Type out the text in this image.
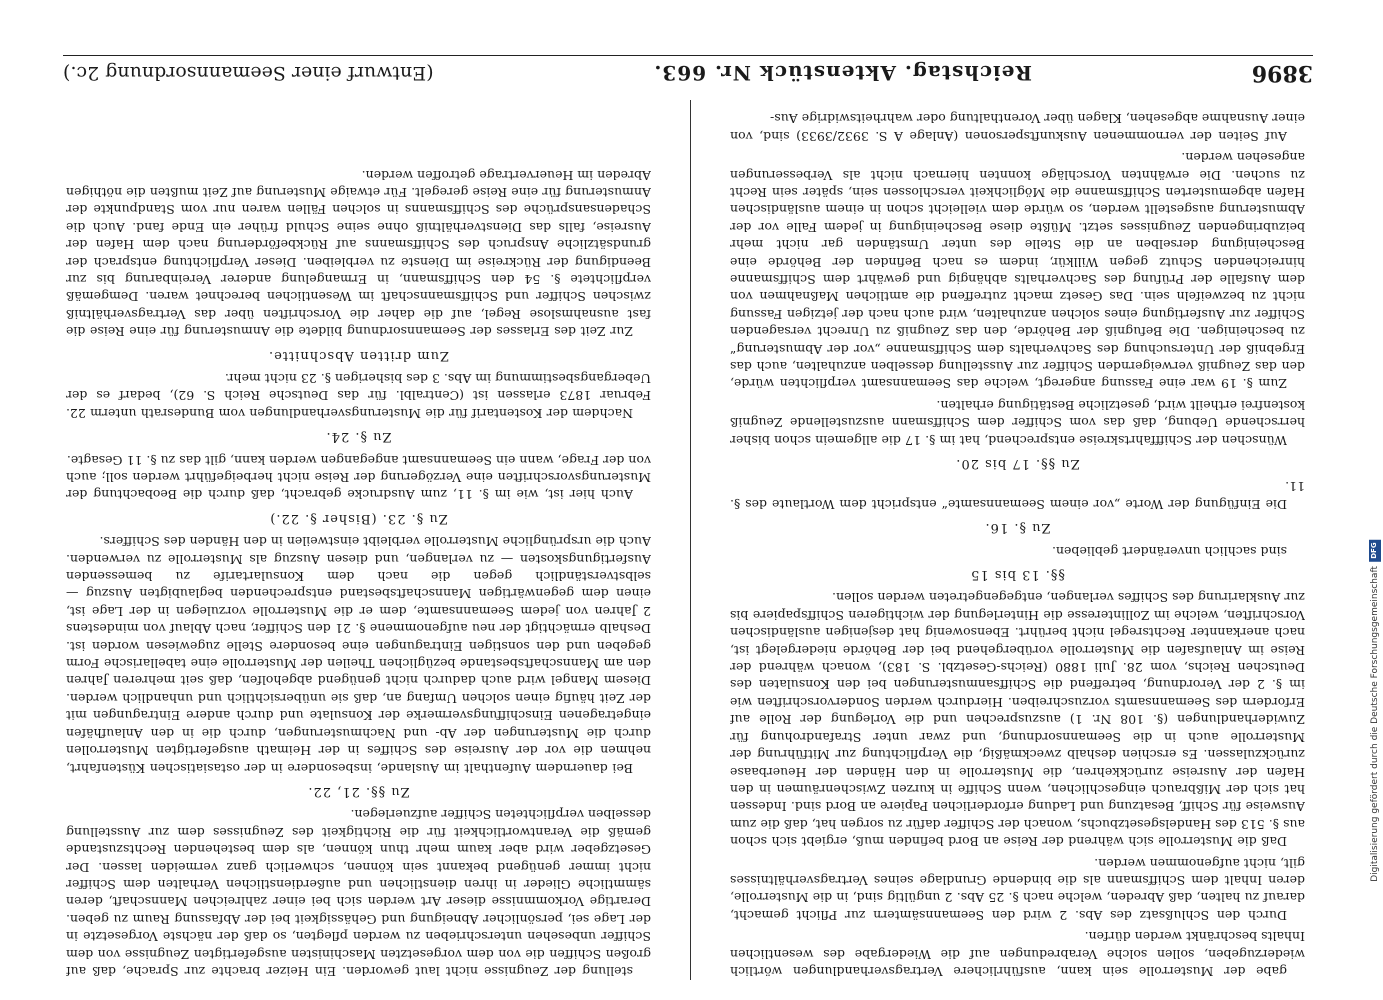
3896
Reichstag. Aktenstück Nr. 663.
(Entwurf einer Seemannsordnung 2c.)

stellung der Zeugnisse nicht laut geworden. Ein Heizer brachte zur Sprache, daß auf großen Schiffen die von dem vorgesetzten Maschinisten ausgefertigten Zeugnisse von dem Schiffer unbesehen unterschrieben zu werden pflegten, so daß der nächste Vorgesetzte in der Lage sei, persönlicher Abneigung und Gehässigkeit bei der Abfassung Raum zu geben. Derartige Vorkommnisse dieser Art werden sich bei einer zahlreichen Mannschaft, deren sämmtliche Glieder in ihren dienstlichen und außerdienstlichen Verhalten dem Schiffer nicht immer genügend bekannt sein können, schwerlich ganz vermeiden lassen. Der Gesetzgeber wird aber kaum mehr thun können, als dem bestehenden Rechtszustande gemäß die Verantwortlichkeit für die Richtigkeit des Zeugnisses dem zur Ausstellung desselben verpflichteten Schiffer aufzuerlegen.

Zu §§. 21, 22.

Bei dauerndem Aufenthalt im Auslande, insbesondere in der ostasiatischen Küstenfahrt, nehmen die vor der Ausreise des Schiffes in der Heimath ausgefertigten Musterrollen durch die Musterungen der Ab- und Nachmusterungen, durch die in den Anlaufhäfen eingetragenen Einschiffungsvermerke der Konsulate und durch andere Eintragungen mit der Zeit häufig einen solchen Umfang an, daß sie unübersichtlich und unhandlich werden. Diesem Mangel wird auch dadurch nicht genügend abgeholfen, daß seit mehreren Jahren den am Mannschaftsbestande bezüglichen Theilen der Musterrolle eine tabellarische Form gegeben und den sonstigen Eintragungen eine besondere Stelle zugewiesen worden ist. Deshalb ermächtigt der neu aufgenommene §. 21 den Schiffer, nach Ablauf von mindestens 2 Jahren von jedem Seemannsamte, dem er die Musterrolle vorzulegen in der Lage ist, einen dem gegenwärtigen Mannschaftsbestand entsprechenden beglaubigten Auszug — selbstverständlich gegen die nach dem Konsulartarife zu bemessenden Ausfertigungskosten — zu verlangen, und diesen Auszug als Musterrolle zu verwenden. Auch die ursprüngliche Musterrolle verbleibt einstweilen in den Händen des Schiffers.

Zu §. 23. (Bisher §. 22.)

Auch hier ist, wie im §. 11, zum Ausdrucke gebracht, daß durch die Beobachtung der Musterungsvorschriften eine Verzögerung der Reise nicht herbeigeführt werden soll; auch von der Frage, wann ein Seemannsamt angegangen werden kann, gilt das zu §. 11 Gesagte.

Zu §. 24.

Nachdem der Kostentarif für die Musterungsverhandlungen vom Bundesrath unterm 22. Februar 1873 erlassen ist (Centralbl. für das Deutsche Reich S. 62), bedarf es der Uebergangsbestimmung im Abs. 3 des bisherigen §. 23 nicht mehr.

Zum dritten Abschnitte.

Zur Zeit des Erlasses der Seemannsordnung bildete die Anmusterung für eine Reise die fast ausnahmslose Regel, auf die daher die Vorschriften über das Vertragsverhältniß zwischen Schiffer und Schiffsmannschaft im Wesentlichen berechnet waren. Demgemäß verpflichtete §. 54 den Schiffsmann, in Ermangelung anderer Vereinbarung bis zur Beendigung der Rückreise im Dienste zu verbleiben. Dieser Verpflichtung entsprach der grundsätzliche Anspruch des Schiffsmanns auf Rückbeförderung nach dem Hafen der Ausreise, falls das Dienstverhältniß ohne seine Schuld früher ein Ende fand. Auch die Schadensansprüche des Schiffsmanns in solchen Fällen waren nur vom Standpunkte der Anmusterung für eine Reise geregelt. Für etwaige Musterung auf Zeit mußten die nöthigen Abreden im Heuervertrage getroffen werden.

gabe der Musterrolle sein kann, ausführlichere Vertragsverhandlungen wörtlich wiederzugeben, sollen solche Verabredungen auf die Wiedergabe des wesentlichen Inhalts beschränkt werden dürfen.

Durch den Schlußsatz des Abs. 2 wird den Seemannsämtern zur Pflicht gemacht, darauf zu halten, daß Abreden, welche nach §. 25 Abs. 2 ungültig sind, in die Musterrolle, deren Inhalt dem Schiffsmann als die bindende Grundlage seines Vertragsverhältnisses gilt, nicht aufgenommen werden.

Daß die Musterrolle sich während der Reise an Bord befinden muß, ergiebt sich schon aus §. 513 des Handelsgesetzbuchs, wonach der Schiffer dafür zu sorgen hat, daß die zum Ausweise für Schiff, Besatzung und Ladung erforderlichen Papiere an Bord sind. Indessen hat sich der Mißbrauch eingeschlichen, wenn Schiffe in kurzen Zwischenräumen in den Hafen der Ausreise zurückkehren, die Musterrolle in den Händen der Heuerbaase zurückzulassen. Es erschien deshalb zweckmäßig, die Verpflichtung zur Mitführung der Musterrolle auch in die Seemannsordnung, und zwar unter Strafandrohung für Zuwiderhandlungen (§. 108 Nr. 1) auszusprechen und die Vorlegung der Rolle auf Erfordern des Seemannsamts vorzuschreiben. Hierdurch werden Sondervorschriften wie im §. 2 der Verordnung, betreffend die Schiffsanmusterungen bei den Konsulaten des Deutschen Reichs, vom 28. Juli 1880 (Reichs-Gesetzbl. S. 183), wonach während der Reise im Anlaufsafen die Musterrolle vorübergehend bei der Behörde niedergelegt ist, nach anerkannter Rechtsregel nicht berührt. Ebensowenig hat desjenigen ausländischen Vorschriften, welche im Zollinteresse die Hinterlegung der wichtigeren Schiffspapiere bis zur Ausklarirung des Schiffes verlangen, entgegengetreten werden sollen.

§§. 13 bis 15

sind sachlich unverändert geblieben.

Zu §. 16.

Die Einfügung der Worte „vor einem Seemannsamte“ entspricht dem Wortlaute des §. 11.

Zu §§. 17 bis 20.

Wünschen der Schifffahrtskreise entsprechend, hat im §. 17 die allgemein schon bisher herrschende Uebung, daß das vom Schiffer dem Schiffsmann auszustellende Zeugniß kostenfrei ertheilt wird, gesetzliche Bestätigung erhalten.

Zum §. 19 war eine Fassung angeregt, welche das Seemannsamt verpflichten würde, den das Zeugniß verweigernden Schiffer zur Ausstellung desselben anzuhalten, auch das Ergebniß der Untersuchung des Sachverhalts dem Schiffsmanne „vor der Abmusterung“ zu bescheinigen. Die Befugniß der Behörde, den das Zeugniß zu Unrecht versagenden Schiffer zur Ausfertigung eines solchen anzuhalten, wird auch nach der jetzigen Fassung nicht zu bezweifeln sein. Das Gesetz macht zutreffend die amtlichen Maßnahmen von dem Ausfalle der Prüfung des Sachverhalts abhängig und gewährt dem Schiffsmanne hinreichenden Schutz gegen Willkür, indem es nach Befinden der Behörde eine Bescheinigung derselben an die Stelle des unter Umständen gar nicht mehr beizubringenden Zeugnisses setzt. Müßte diese Bescheinigung in jedem Falle vor der Abmusterung ausgestellt werden, so würde dem vielleicht schon in einem ausländischen Hafen abgemusterten Schiffsmanne die Möglichkeit verschlossen sein, später sein Recht zu suchen. Die erwähnten Vorschläge konnten hiernach nicht als Verbesserungen angesehen werden.

Auf Seiten der vernommenen Auskunftspersonen (Anlage A S. 3932/3933) sind, von einer Ausnahme abgesehen, Klagen über Vorenthaltung oder wahrheitswidrige Aus-

Digitalisierung gefördert durch die Deutsche Forschungsgemeinschaft
DFG
